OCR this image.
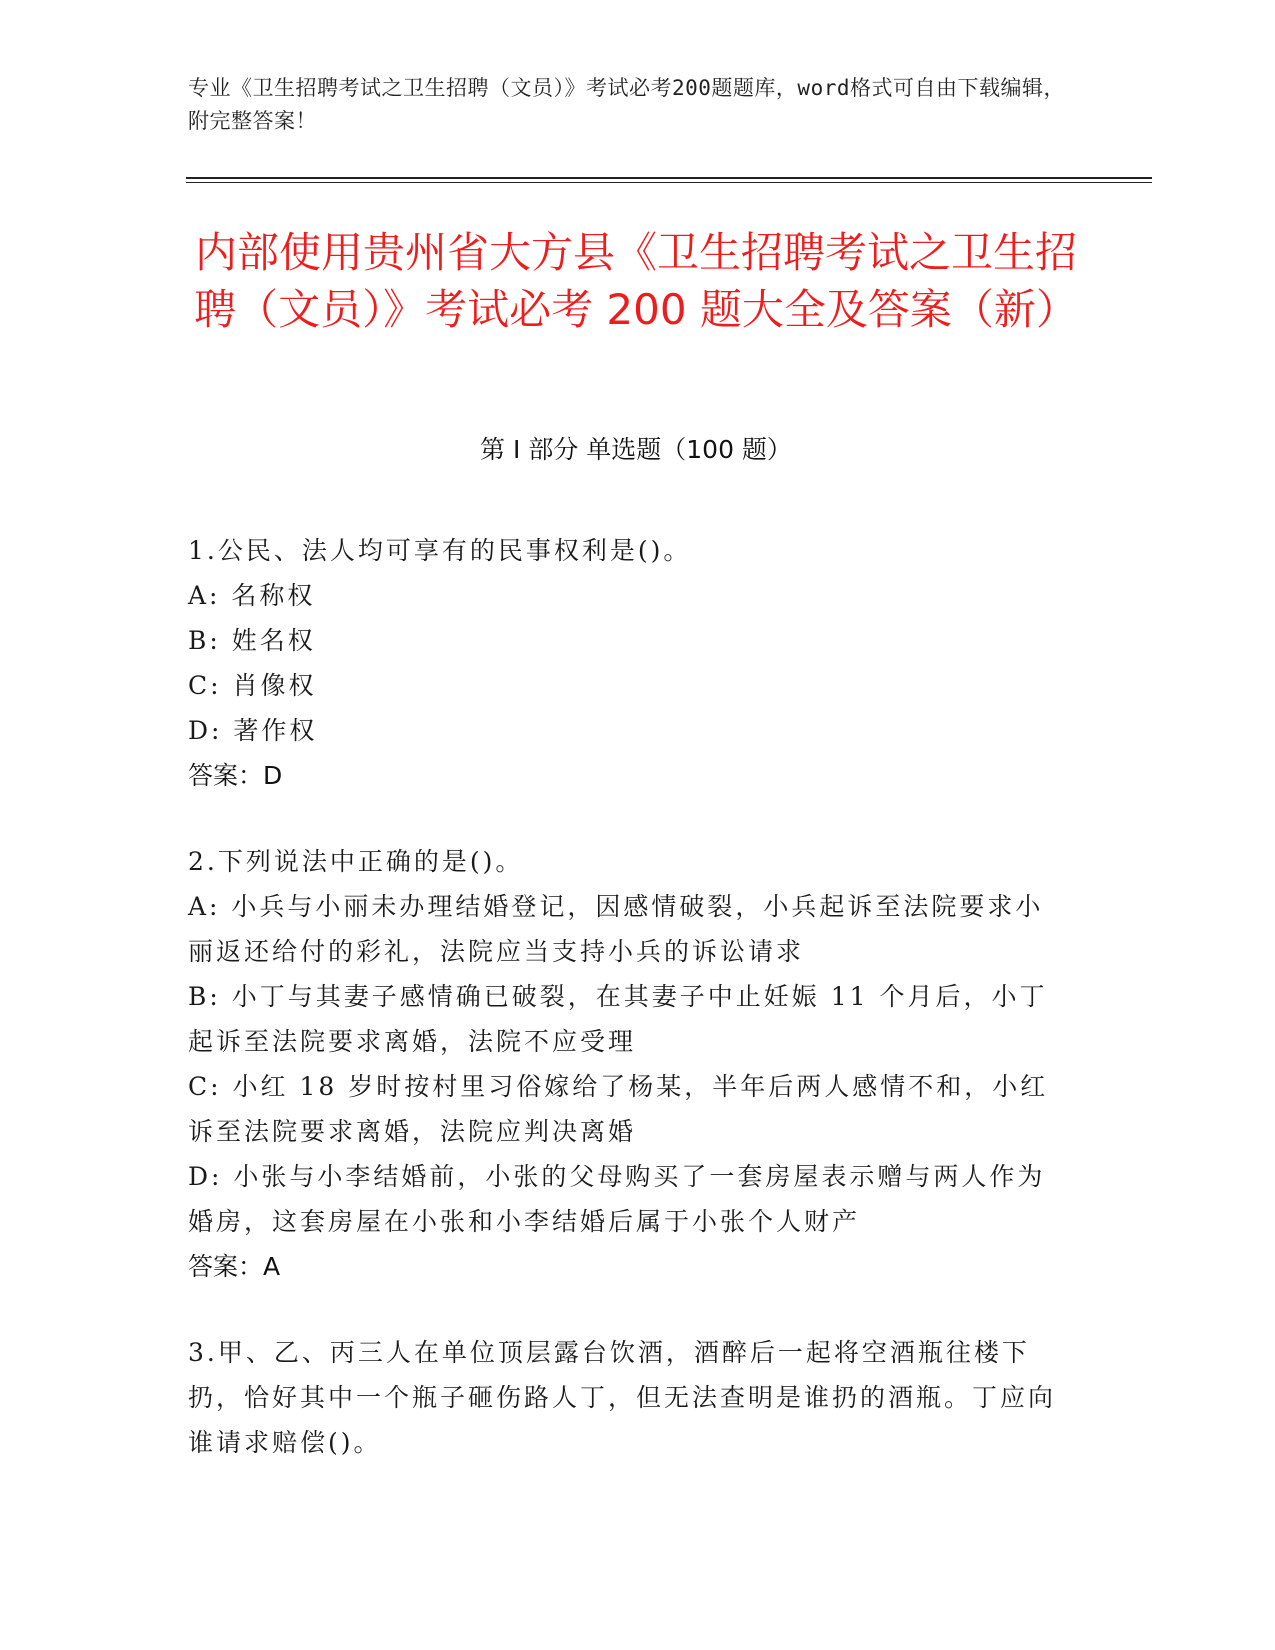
专业《卫生招聘考试之卫生招聘（文员）》考试必考200题题库，word格式可自由下载编辑，附完整答案！
内部使用贵州省大方县《卫生招聘考试之卫生招聘（文员）》考试必考 200 题大全及答案（新）
第 I 部分 单选题（100 题）
1.公民、法人均可享有的民事权利是()。
A: 名称权
B: 姓名权
C: 肖像权
D: 著作权
答案：D
2.下列说法中正确的是()。
A: 小兵与小丽未办理结婚登记，因感情破裂，小兵起诉至法院要求小丽返还给付的彩礼，法院应当支持小兵的诉讼请求
B: 小丁与其妻子感情确已破裂，在其妻子中止妊娠 11 个月后，小丁起诉至法院要求离婚，法院不应受理
C: 小红 18 岁时按村里习俗嫁给了杨某，半年后两人感情不和，小红诉至法院要求离婚，法院应判决离婚
D: 小张与小李结婚前，小张的父母购买了一套房屋表示赠与两人作为婚房，这套房屋在小张和小李结婚后属于小张个人财产
答案：A
3.甲、乙、丙三人在单位顶层露台饮酒，酒醉后一起将空酒瓶往楼下扔，恰好其中一个瓶子砸伤路人丁，但无法查明是谁扔的酒瓶。丁应向谁请求赔偿()。
